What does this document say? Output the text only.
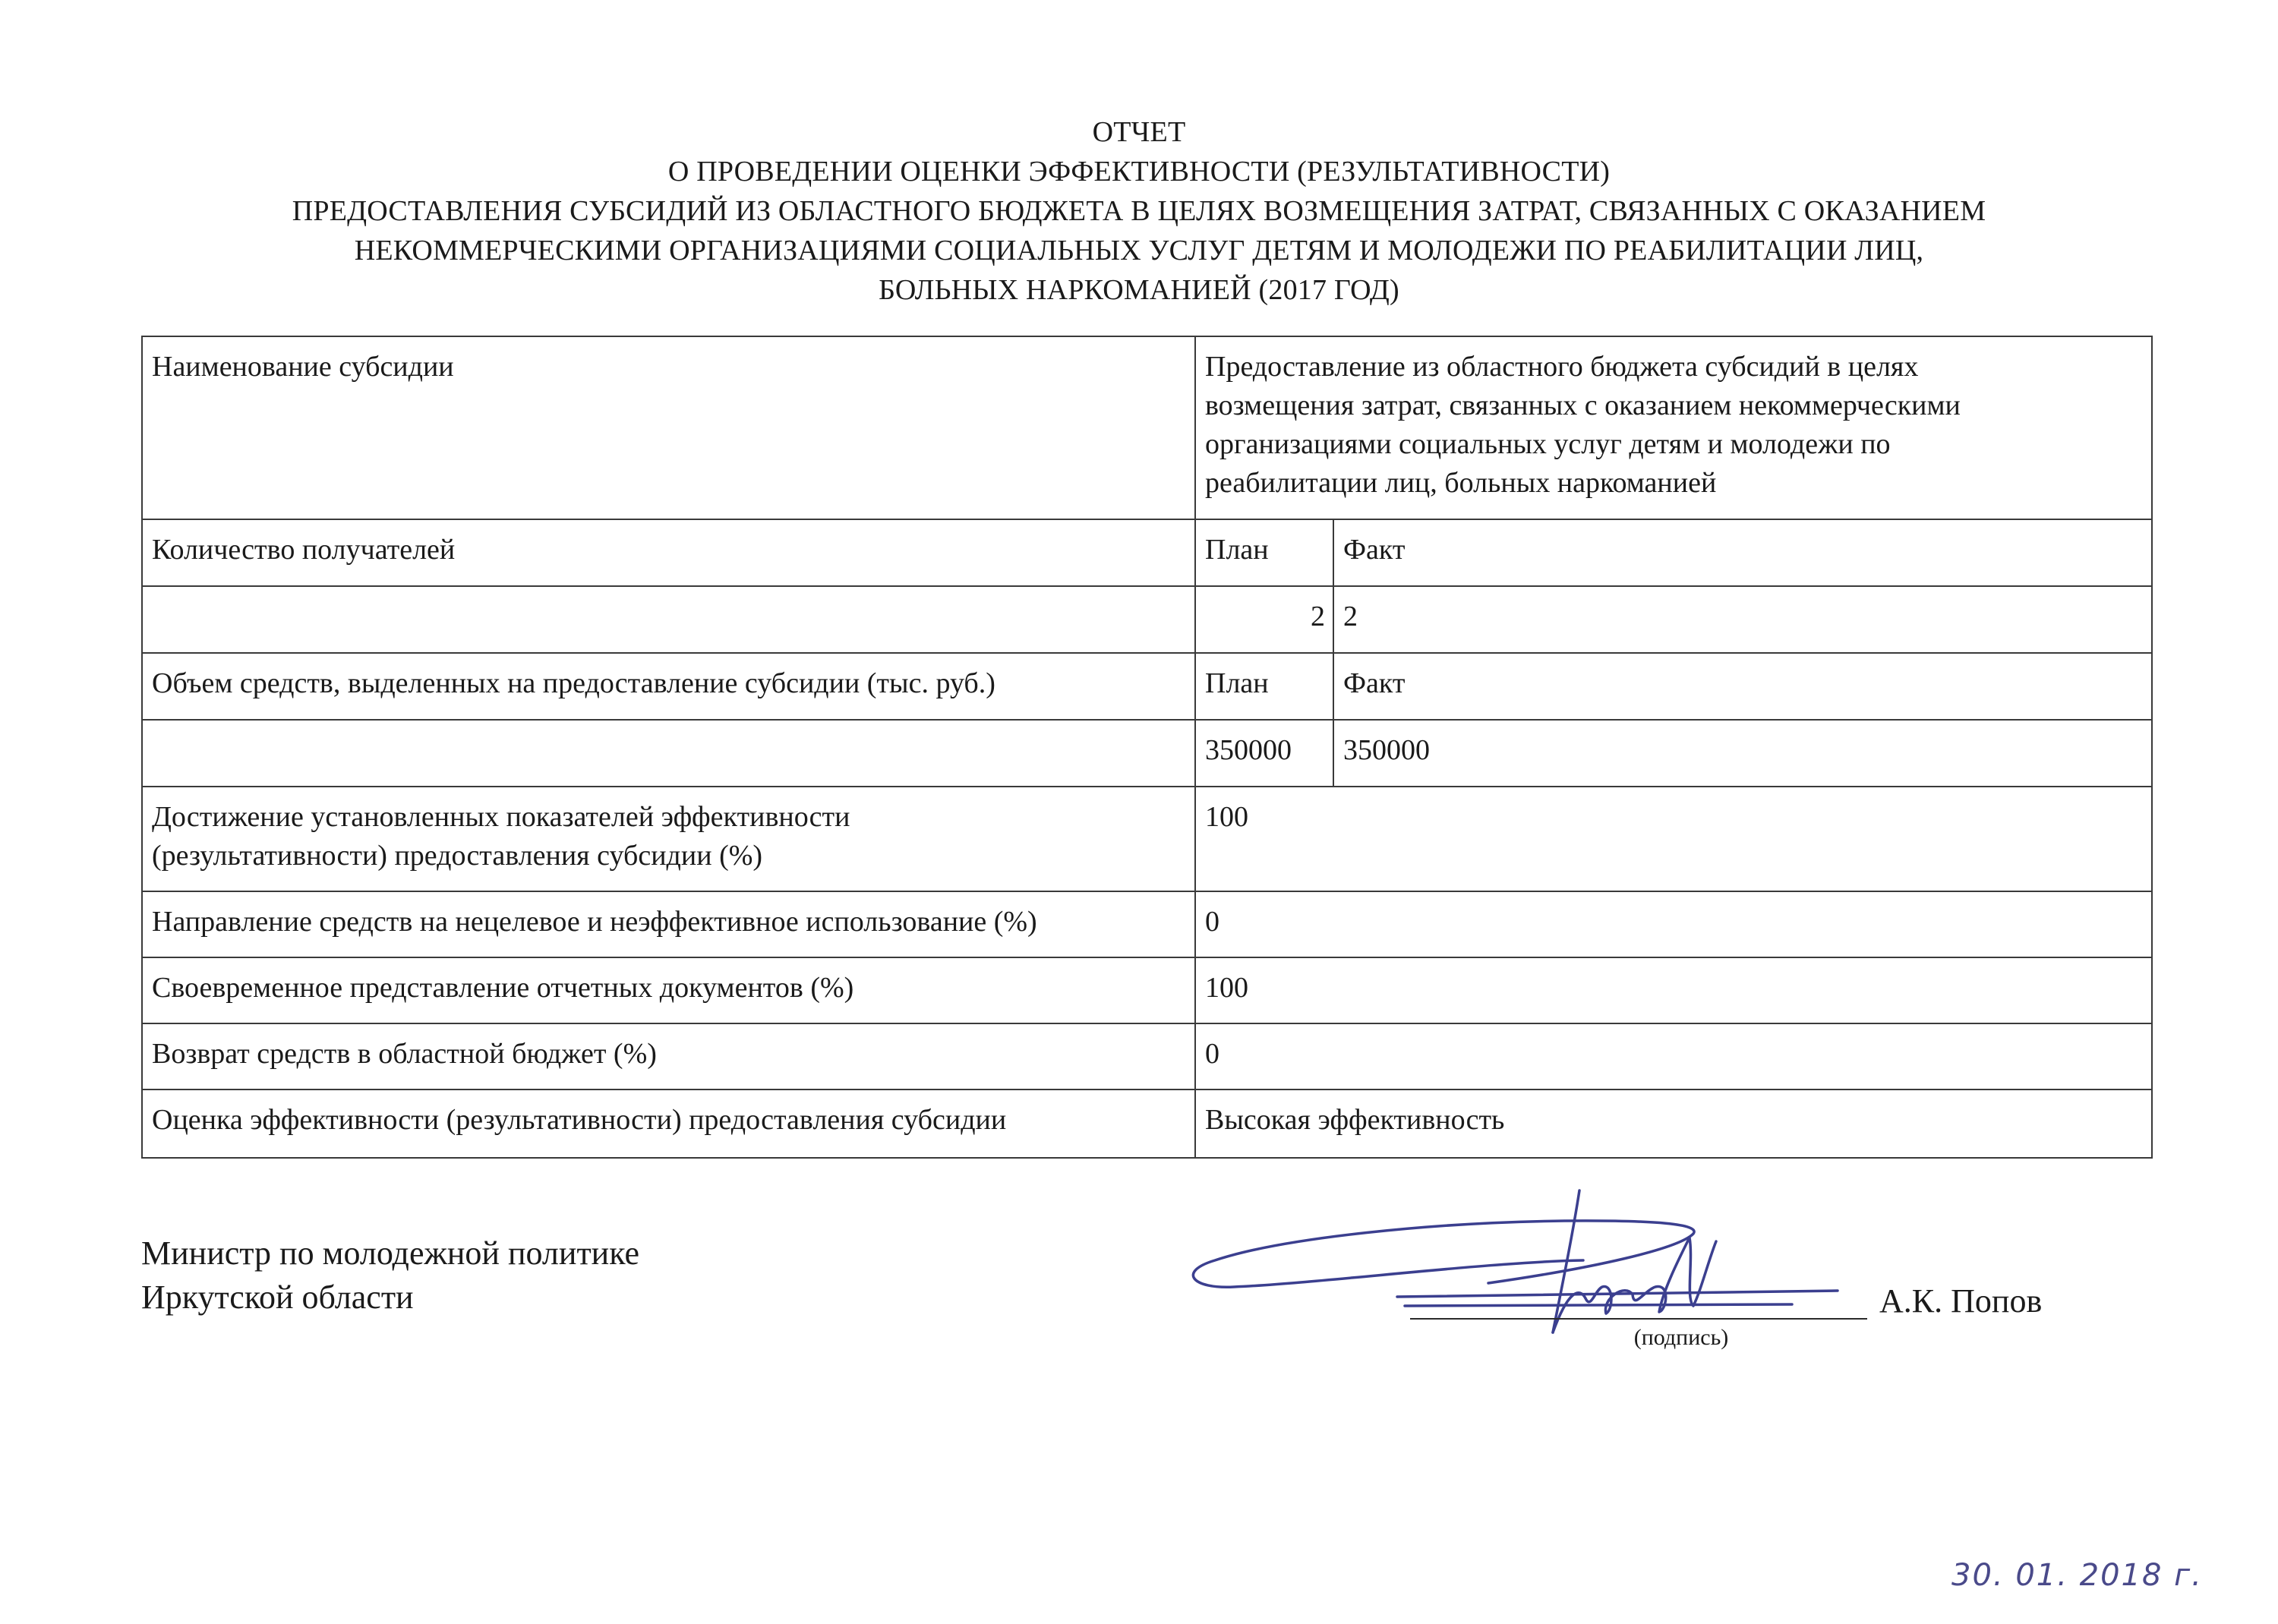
ОТЧЕТ
О ПРОВЕДЕНИИ ОЦЕНКИ ЭФФЕКТИВНОСТИ (РЕЗУЛЬТАТИВНОСТИ)
ПРЕДОСТАВЛЕНИЯ СУБСИДИЙ ИЗ ОБЛАСТНОГО БЮДЖЕТА В ЦЕЛЯХ ВОЗМЕЩЕНИЯ ЗАТРАТ, СВЯЗАННЫХ С ОКАЗАНИЕМ
НЕКОММЕРЧЕСКИМИ ОРГАНИЗАЦИЯМИ СОЦИАЛЬНЫХ УСЛУГ ДЕТЯМ И МОЛОДЕЖИ ПО РЕАБИЛИТАЦИИ ЛИЦ,
БОЛЬНЫХ НАРКОМАНИЕЙ (2017 ГОД)
Наименование субсидии	Предоставление из областного бюджета субсидий в целях
возмещения затрат, связанных с оказанием некоммерческими
организациями социальных услуг детям и молодежи по
реабилитации лиц, больных наркоманией	

Количество получателей	План	Факт
	2	2
Объем средств, выделенных на предоставление субсидии (тыс. руб.)	План	Факт
	350000	350000

Достижение установленных показателей эффективности
(результативности) предоставления субсидии (%)	100	
Направление средств на нецелевое и неэффективное использование (%)	0	
Своевременное представление отчетных документов (%)	100	
Возврат средств в областной бюджет (%)	0	
Оценка эффективности (результативности) предоставления субсидии	Высокая эффективность	
Министр по молодежной политике
Иркутской области
(подпись)
А.К. Попов
30. 01. 2018 г.
